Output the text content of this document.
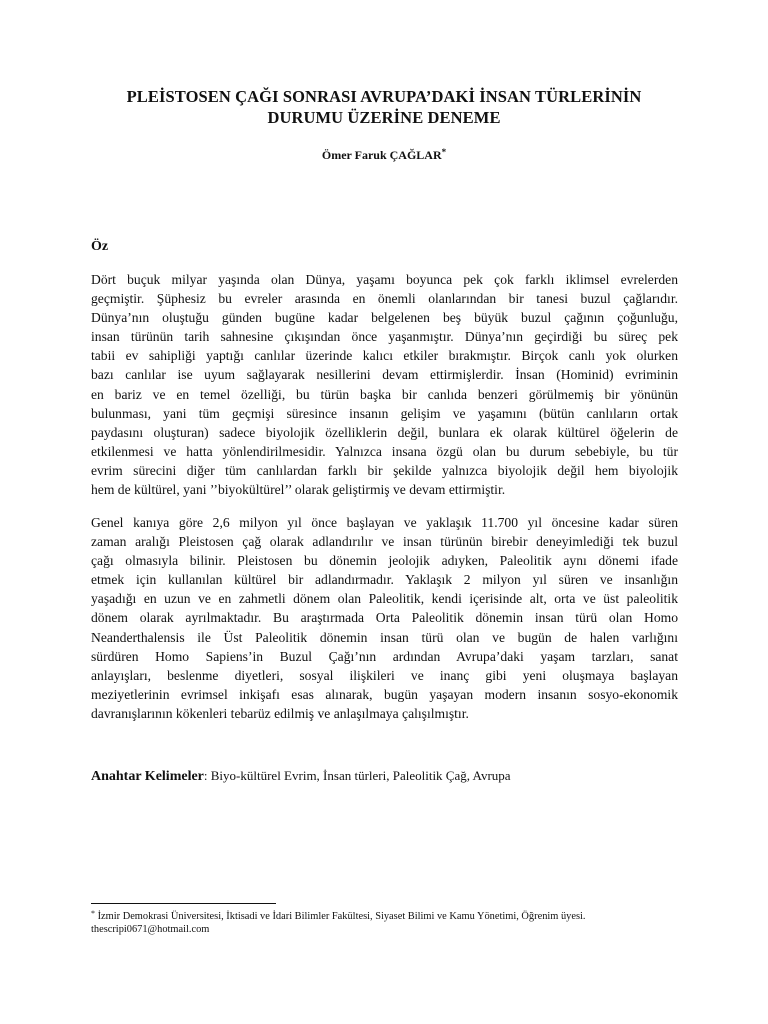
PLEİSTOSEN ÇAĞI SONRASI AVRUPA’DAKİ İNSAN TÜRLERİNİN
DURUMU ÜZERİNE DENEME
Ömer Faruk ÇAĞLAR*
Öz
Dört buçuk milyar yaşında olan Dünya, yaşamı boyunca pek çok farklı iklimsel evrelerden
geçmiştir. Şüphesiz bu evreler arasında en önemli olanlarından bir tanesi buzul çağlarıdır.
Dünya’nın oluştuğu günden bugüne kadar belgelenen beş büyük buzul çağının çoğunluğu,
insan türünün tarih sahnesine çıkışından önce yaşanmıştır. Dünya’nın geçirdiği bu süreç pek
tabii ev sahipliği yaptığı canlılar üzerinde kalıcı etkiler bırakmıştır. Birçok canlı yok olurken
bazı canlılar ise uyum sağlayarak nesillerini devam ettirmişlerdir. İnsan (Hominid) evriminin
en bariz ve en temel özelliği, bu türün başka bir canlıda benzeri görülmemiş bir yönünün
bulunması, yani tüm geçmişi süresince insanın gelişim ve yaşamını (bütün canlıların ortak
paydasını oluşturan) sadece biyolojik özelliklerin değil, bunlara ek olarak kültürel öğelerin de
etkilenmesi ve hatta yönlendirilmesidir. Yalnızca insana özgü olan bu durum sebebiyle, bu tür
evrim sürecini diğer tüm canlılardan farklı bir şekilde yalnızca biyolojik değil hem biyolojik
hem de kültürel, yani ’’biyokültürel’’ olarak geliştirmiş ve devam ettirmiştir.
Genel kanıya göre 2,6 milyon yıl önce başlayan ve yaklaşık 11.700 yıl öncesine kadar süren
zaman aralığı Pleistosen çağ olarak adlandırılır ve insan türünün birebir deneyimlediği tek buzul
çağı olmasıyla bilinir. Pleistosen bu dönemin jeolojik adıyken, Paleolitik aynı dönemi ifade
etmek için kullanılan kültürel bir adlandırmadır. Yaklaşık 2 milyon yıl süren ve insanlığın
yaşadığı en uzun ve en zahmetli dönem olan Paleolitik, kendi içerisinde alt, orta ve üst paleolitik
dönem olarak ayrılmaktadır. Bu araştırmada Orta Paleolitik dönemin insan türü olan Homo
Neanderthalensis ile Üst Paleolitik dönemin insan türü olan ve bugün de halen varlığını
sürdüren Homo Sapiens’in Buzul Çağı’nın ardından Avrupa’daki yaşam tarzları, sanat
anlayışları, beslenme diyetleri, sosyal ilişkileri ve inanç gibi yeni oluşmaya başlayan
meziyetlerinin evrimsel inkişafı esas alınarak, bugün yaşayan modern insanın sosyo-ekonomik
davranışlarının kökenleri tebarüz edilmiş ve anlaşılmaya çalışılmıştır.
Anahtar Kelimeler: Biyo-kültürel Evrim, İnsan türleri, Paleolitik Çağ, Avrupa
* İzmir Demokrasi Üniversitesi, İktisadi ve İdari Bilimler Fakültesi, Siyaset Bilimi ve Kamu Yönetimi, Öğrenim üyesi.
thescripi0671@hotmail.com
